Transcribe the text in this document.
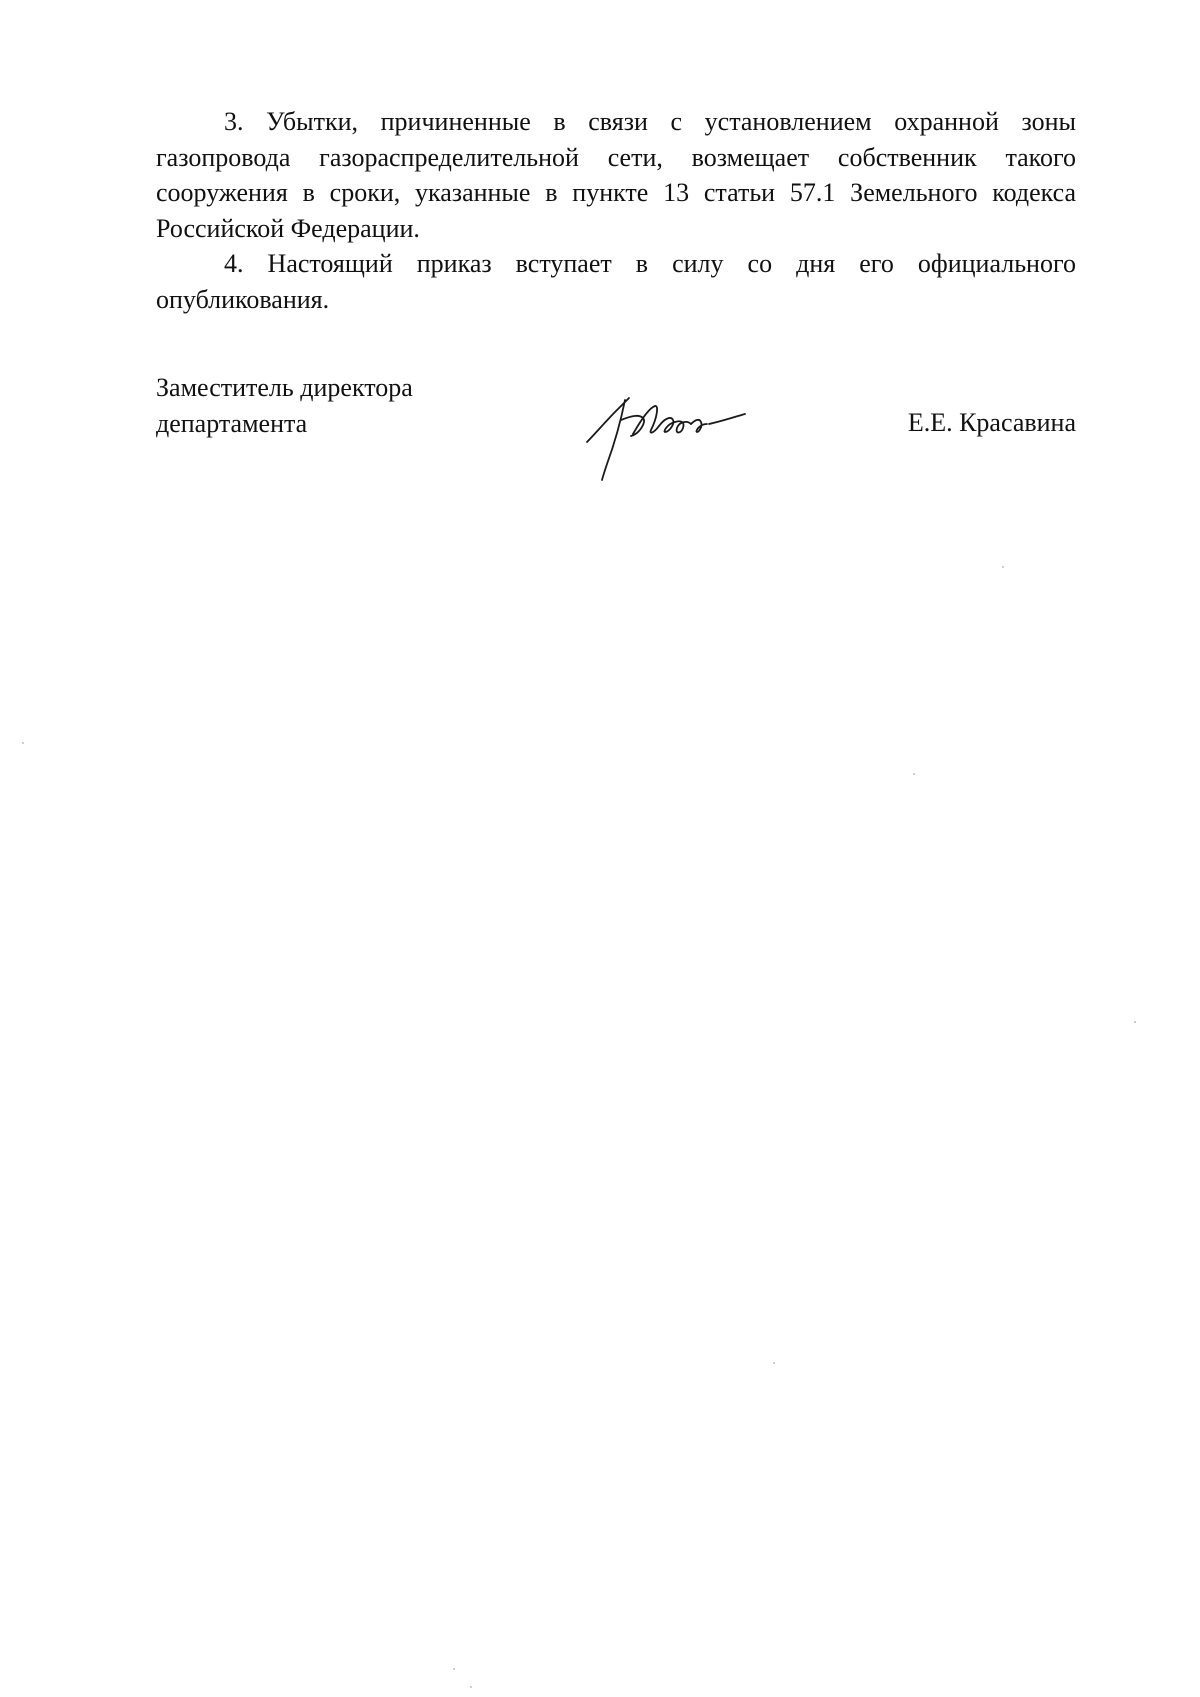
3. Убытки, причиненные в связи с установлением охранной зоны газопровода газораспределительной сети, возмещает собственник такого сооружения в сроки, указанные в пункте 13 статьи 57.1 Земельного кодекса Российской Федерации.

4. Настоящий приказ вступает в силу со дня его официального опубликования.

Заместитель директора
департамента	Е.Е. Красавина
